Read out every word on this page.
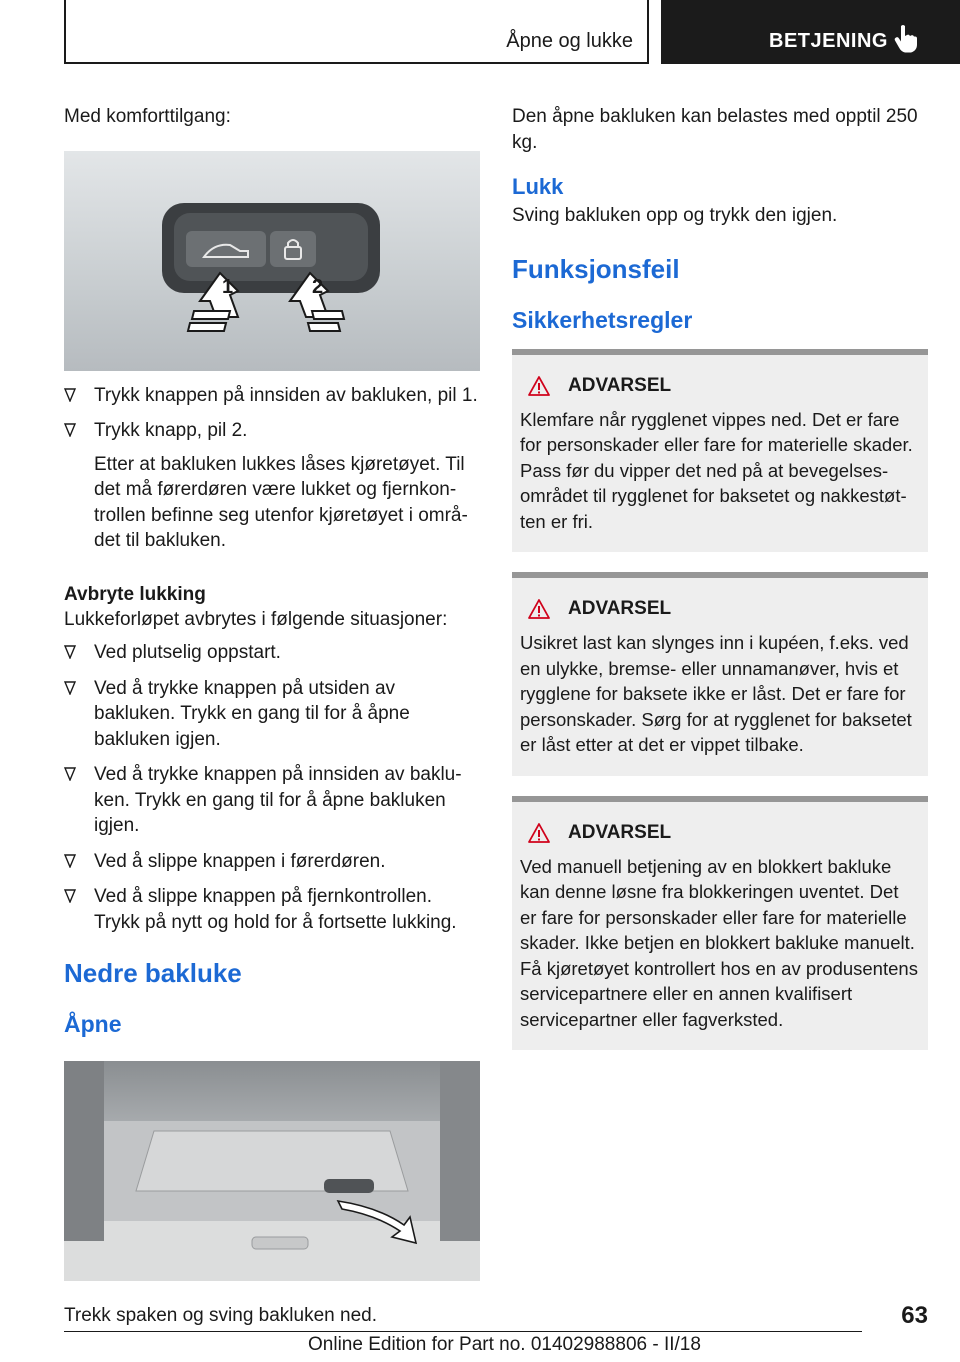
Åpne og lukke	BETJENING

Med komforttilgang:

1	2
Trykk knappen på innsiden av bakluken, pil 1.
Trykk knapp, pil 2.
Etter at bakluken lukkes låses kjøretøyet. Til det må førerdøren være lukket og fjernkontrollen befinne seg utenfor kjøretøyet i området til bakluken.
Avbryte lukking

Lukkeforløpet avbrytes i følgende situasjoner:

Ved plutselig oppstart.
Ved å trykke knappen på utsiden av bakluken. Trykk en gang til for å åpne bakluken igjen.
Ved å trykke knappen på innsiden av bakluken. Trykk en gang til for å åpne bakluken igjen.
Ved å slippe knappen i førerdøren.
Ved å slippe knappen på fjernkontrollen. Trykk på nytt og hold for å fortsette lukking.
Nedre bakluke
Åpne

Trekk spaken og sving bakluken ned.

Den åpne bakluken kan belastes med opptil 250 kg.

Lukk

Sving bakluken opp og trykk den igjen.

Funksjonsfeil
Sikkerhetsregler
ADVARSEL

Klemfare når rygglenet vippes ned. Det er fare for personskader eller fare for materielle skader. Pass før du vipper det ned på at bevegelsesområdet til rygglenet for baksetet og nakkestøtten er fri.

ADVARSEL

Usikret last kan slynges inn i kupéen, f.eks. ved en ulykke, bremse- eller unnamanøver, hvis et rygglene for baksete ikke er låst. Det er fare for personskader. Sørg for at rygglenet for baksetet er låst etter at det er vippet tilbake.

ADVARSEL

Ved manuell betjening av en blokkert bakluke kan denne løsne fra blokkeringen uventet. Det er fare for personskader eller fare for materielle skader. Ikke betjen en blokkert bakluke manuelt. Få kjøretøyet kontrollert hos en av produsentens servicepartnere eller en annen kvalifisert servicepartner eller fagverksted.

63
Online Edition for Part no. 01402988806 - II/18
